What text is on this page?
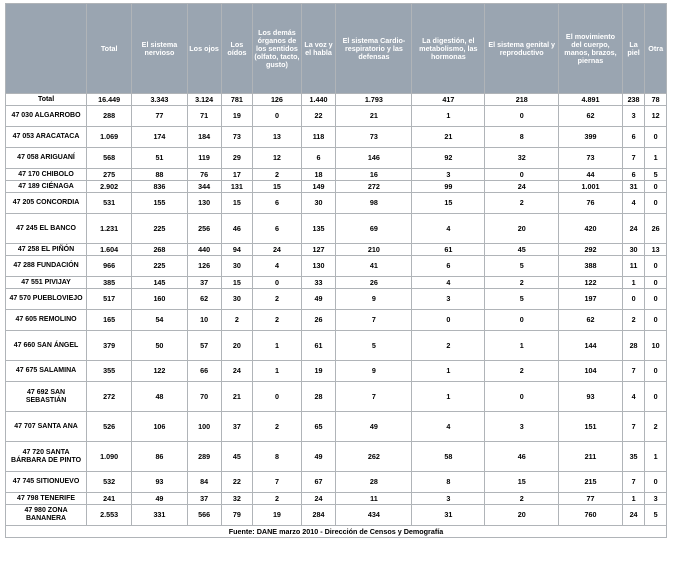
	Total	El sistema nervioso	Los ojos	Los oídos	Los demás órganos de los sentidos (olfato, tacto, gusto)	La voz y el habla	El sistema Cardio-respiratorio y las defensas	La digestión, el metabolismo, las hormonas	El sistema genital y reproductivo	El movimiento del cuerpo, manos, brazos, piernas	La piel	Otra
Total	16.449	3.343	3.124	781	126	1.440	1.793	417	218	4.891	238	78
47 030 ALGARROBO	288	77	71	19	0	22	21	1	0	62	3	12
47 053 ARACATACA	1.069	174	184	73	13	118	73	21	8	399	6	0
47 058 ARIGUANÍ	568	51	119	29	12	6	146	92	32	73	7	1
47 170 CHIBOLO	275	88	76	17	2	18	16	3	0	44	6	5
47 189 CIÉNAGA	2.902	836	344	131	15	149	272	99	24	1.001	31	0
47 205 CONCORDIA	531	155	130	15	6	30	98	15	2	76	4	0
47 245 EL BANCO	1.231	225	256	46	6	135	69	4	20	420	24	26
47 258 EL PIÑÓN	1.604	268	440	94	24	127	210	61	45	292	30	13
47 288 FUNDACIÓN	966	225	126	30	4	130	41	6	5	388	11	0
47 551 PIVIJAY	385	145	37	15	0	33	26	4	2	122	1	0
47 570 PUEBLOVIEJO	517	160	62	30	2	49	9	3	5	197	0	0
47 605 REMOLINO	165	54	10	2	2	26	7	0	0	62	2	0
47 660 SAN ÁNGEL	379	50	57	20	1	61	5	2	1	144	28	10
47 675 SALAMINA	355	122	66	24	1	19	9	1	2	104	7	0
47 692 SAN SEBASTIÁN	272	48	70	21	0	28	7	1	0	93	4	0
47 707 SANTA ANA	526	106	100	37	2	65	49	4	3	151	7	2
47 720 SANTA BÁRBARA DE PINTO	1.090	86	289	45	8	49	262	58	46	211	35	1
47 745 SITIONUEVO	532	93	84	22	7	67	28	8	15	215	7	0
47 798 TENERIFE	241	49	37	32	2	24	11	3	2	77	1	3
47 980 ZONA BANANERA	2.553	331	566	79	19	284	434	31	20	760	24	5
Fuente: DANE marzo 2010 - Dirección de Censos y Demografía												
